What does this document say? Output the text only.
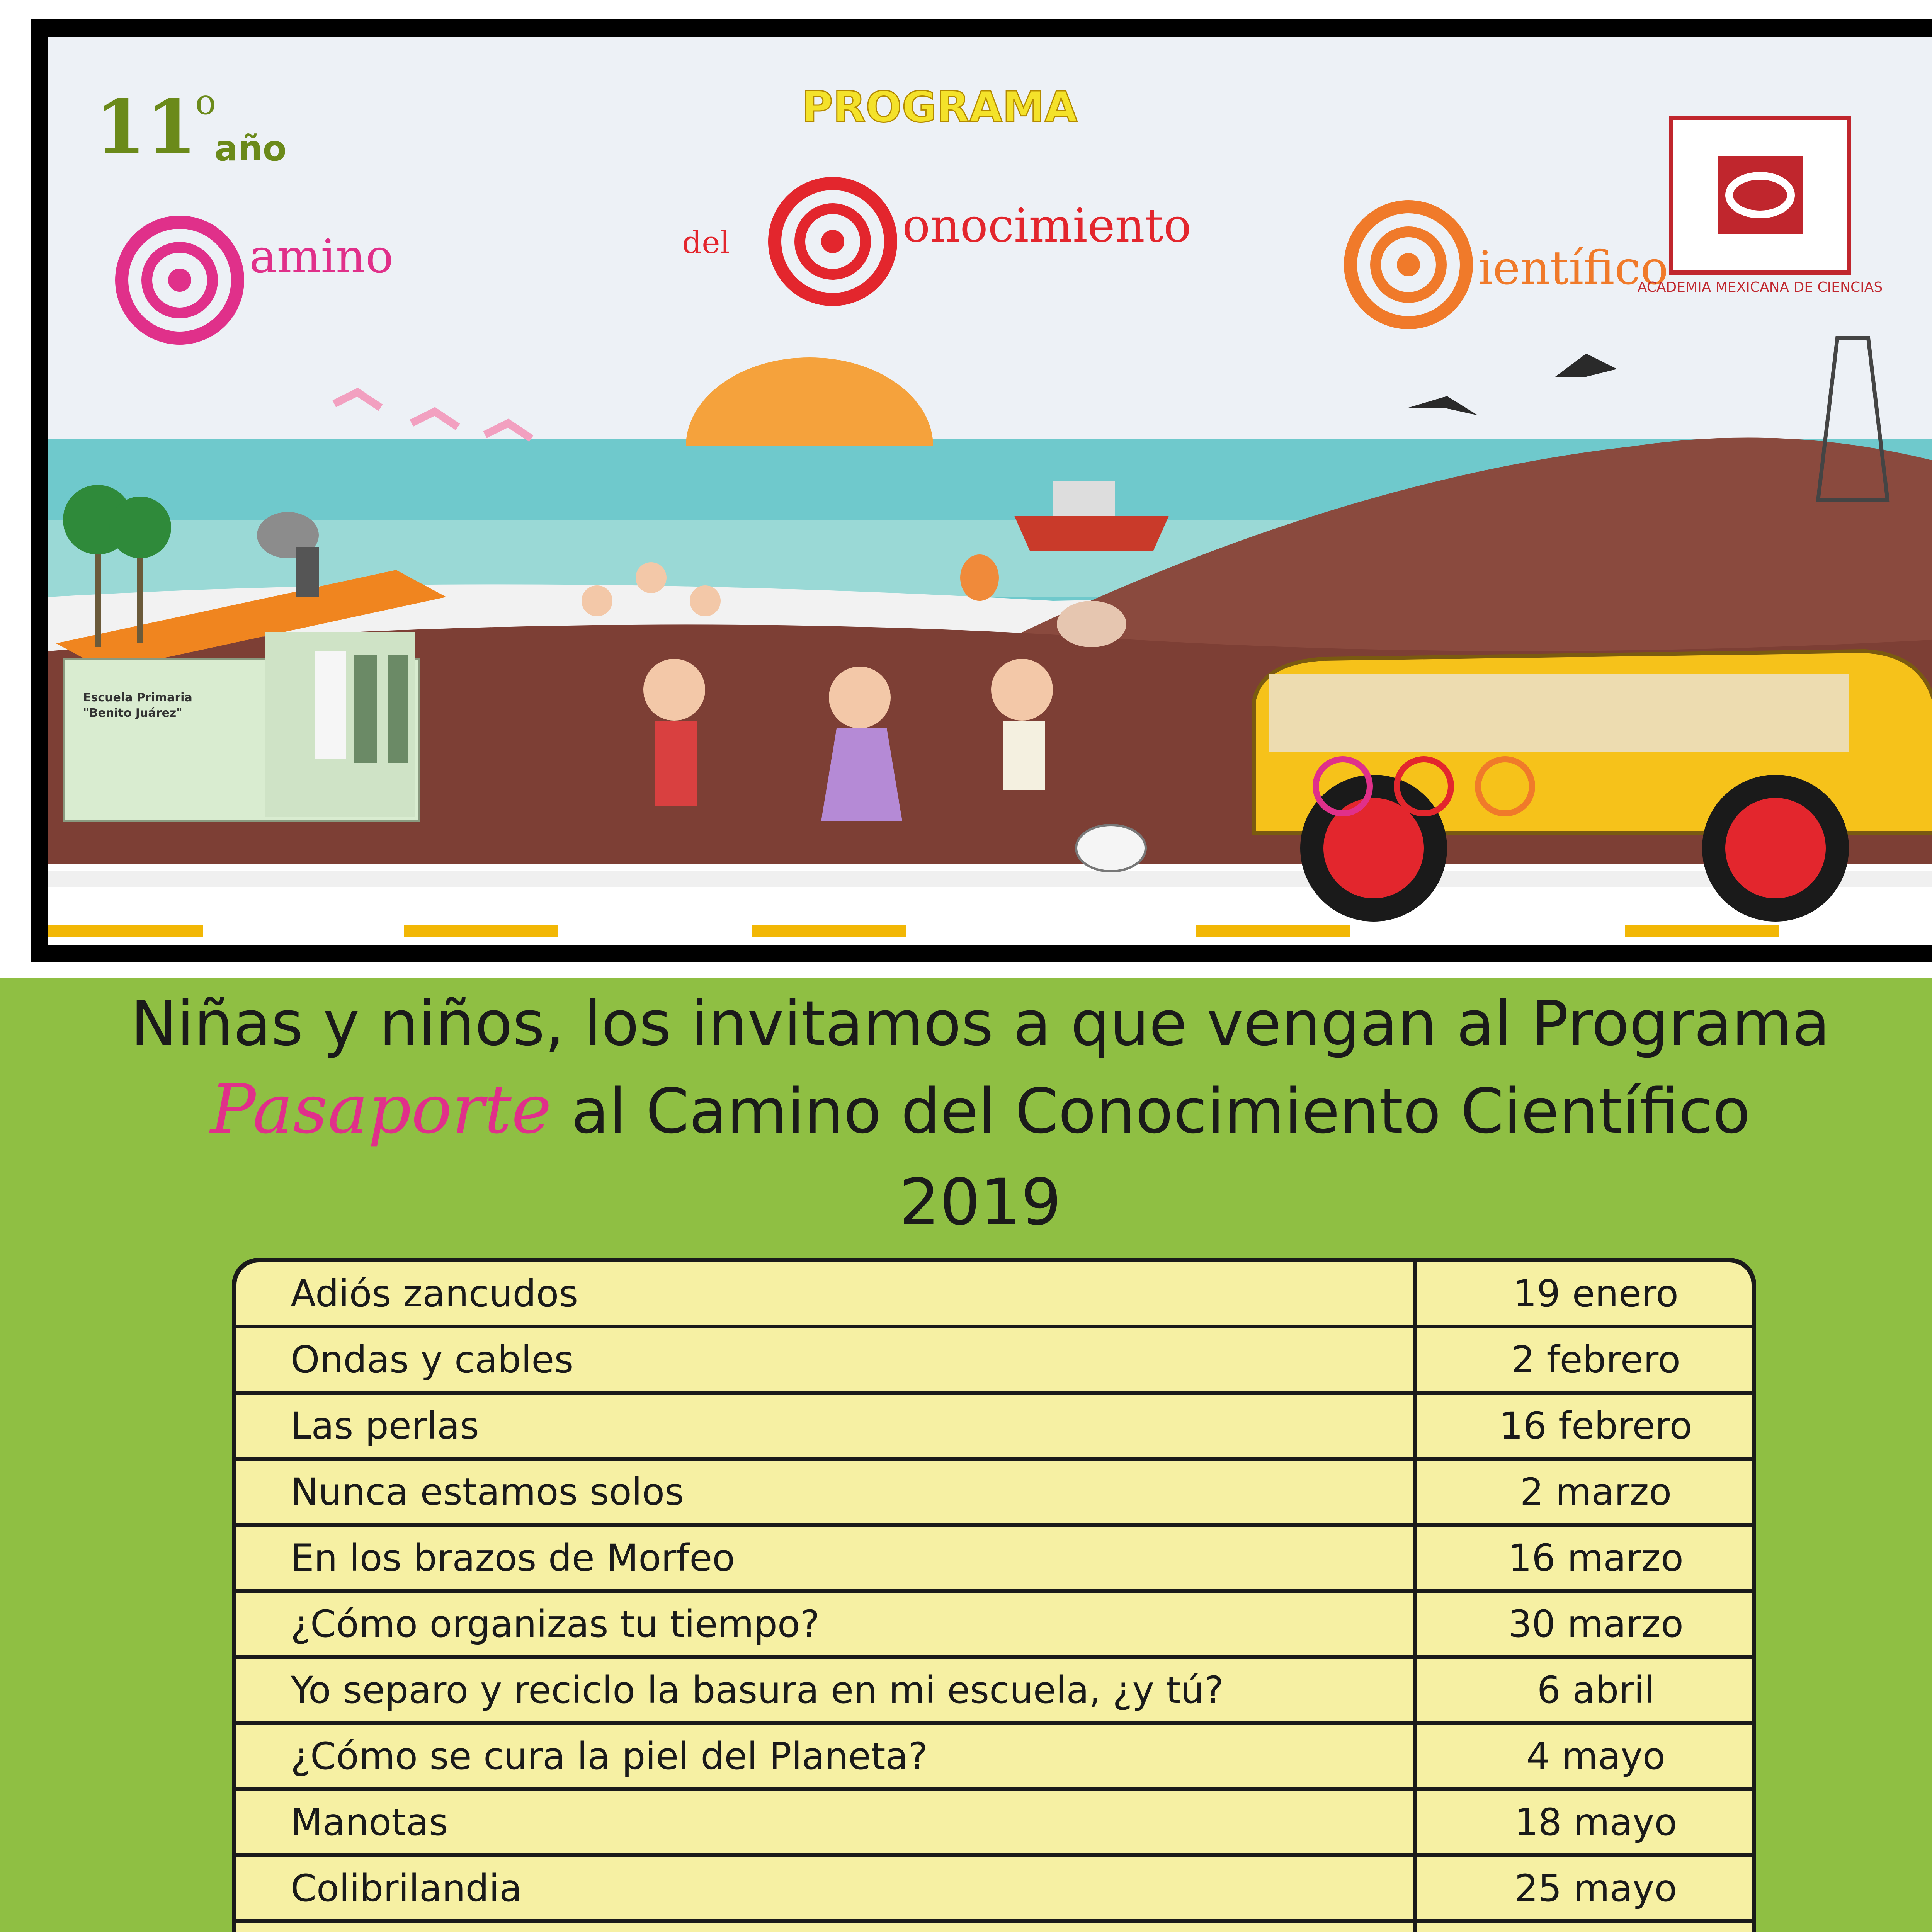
11
o
año
PROGRAMA
amino	del	onocimiento
ientífico
ACADEMIA MEXICANA DE CIENCIAS
Escuela Primaria
"Benito Juárez"
Niñas y niños, los invitamos a que vengan al Programa
Pasaporte al Camino del Conocimiento Científico
2019
Adiós zancudos	19 enero
Ondas y cables	2 febrero
Las perlas	16 febrero
Nunca estamos solos	2 marzo
En los brazos de Morfeo	16 marzo
¿Cómo organizas tu tiempo?	30 marzo
Yo separo y reciclo la basura en mi escuela, ¿y tú?	6 abril
¿Cómo se cura la piel del Planeta?	4 mayo
Manotas	18 mayo
Colibrilandia	25 mayo
